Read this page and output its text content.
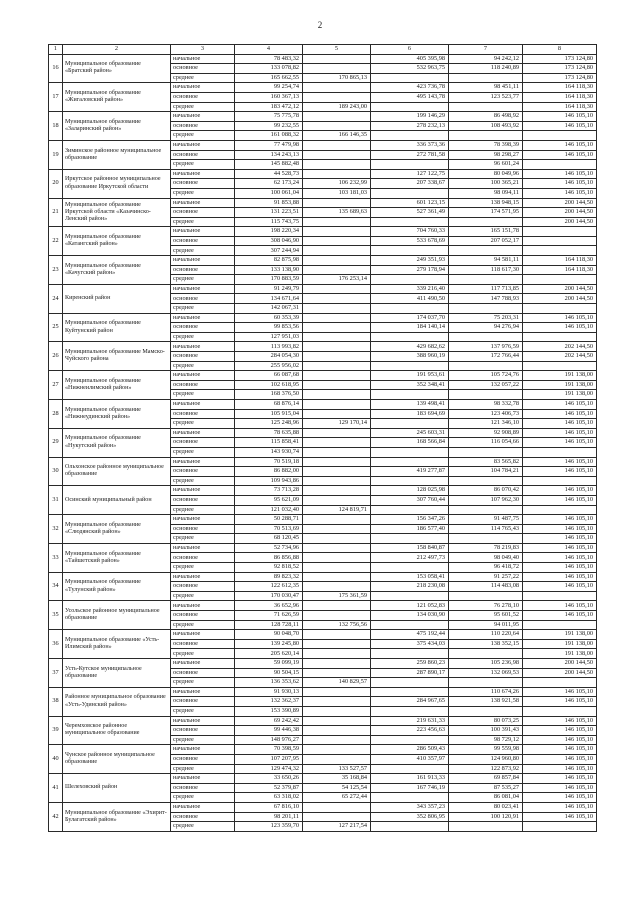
2
1	2	3	4	5	6	7	8
16	Муниципальное образование «Братский район»	начальное	78 483,32		405 395,98	94 242,12	173 124,80
		основное	133 078,82		532 963,75	118 240,89	173 124,80
		среднее	165 662,55	170 865,13			173 124,80
17	Муниципальное образование «Жигаловский район»	начальное	99 254,74		423 736,78	98 451,11	164 118,30
		основное	160 367,13		495 143,78	123 523,77	164 118,30
		среднее	183 472,12	189 243,00			164 118,30
18	Муниципальное образование «Заларинский район»	начальное	75 775,78		199 146,29	86 498,92	146 105,10
		основное	99 232,55		278 232,13	108 493,92	146 105,10
		среднее	161 088,32	166 146,35			
19	Зиминское районное муниципальное образование	начальное	77 479,98		336 373,36	78 398,39	146 105,10
		основное	134 243,13		272 781,58	98 298,27	146 105,10
		среднее	145 882,48			96 601,24	
20	Иркутское районное муниципальное образование Иркутской области	начальное	44 528,73		127 122,75	80 049,96	146 105,10
		основное	62 173,24	106 232,99	207 338,67	100 365,21	146 105,10
		среднее	100 061,04	103 181,03		98 094,11	146 105,10
21	Муниципальное образование Иркутской области «Казачинско-Ленский район»	начальное	91 853,88		601 123,15	138 948,15	200 144,50
		основное	131 223,51	135 689,63	527 361,49	174 571,95	200 144,50
		среднее	115 743,75				200 144,50
22	Муниципальное образование «Катангский район»	начальное	198 220,34		704 760,33	165 151,78	
		основное	308 046,90		533 678,69	207 052,17	
		среднее	307 244,94				
23	Муниципальное образование «Качугский район»	начальное	82 875,98		249 351,93	94 581,11	164 118,30
		основное	133 138,90		279 178,94	118 617,30	164 118,30
		среднее	170 883,59	176 253,14			
24	Киренский район	начальное	91 249,79		339 216,40	117 713,85	200 144,50
		основное	134 671,64		411 490,50	147 788,93	200 144,50
		среднее	142 067,31				
25	Муниципальное образование Куйтунский район	начальное	60 353,39		174 037,70	75 203,31	146 105,10
		основное	99 853,56		184 140,14	94 276,94	146 105,10
		среднее	127 951,03				
26	Муниципальное образование Мамско-Чуйского района	начальное	113 993,82		429 682,62	137 976,59	202 144,50
		основное	284 054,30		388 960,19	172 766,44	202 144,50
		среднее	255 956,02				
27	Муниципальное образование «Нижнеилимский район»	начальное	66 087,68		191 953,61	105 724,76	191 138,00
		основное	102 618,95		352 348,41	132 057,22	191 138,00
		среднее	168 376,50				191 138,00
28	Муниципальное образование «Нижнеудинский район»	начальное	68 876,14		139 498,41	98 332,78	146 105,10
		основное	105 915,04		183 694,69	123 406,73	146 105,10
		среднее	125 248,96	129 170,14		121 346,10	146 105,10
29	Муниципальное образование «Нукутский район»	начальное	78 635,88		245 603,31	92 908,89	146 105,10
		основное	115 858,41		168 566,84	116 054,66	146 105,10
		среднее	143 930,74				
30	Ольхонское районное муниципальное образование	начальное	70 519,18			83 565,82	146 105,10
		основное	86 882,00		419 277,87	104 784,21	146 105,10
		среднее	109 943,86				
31	Осинский муниципальный район	начальное	73 713,28		128 025,98	86 070,42	146 105,10
		основное	95 621,09		307 760,44	107 962,30	146 105,10
		среднее	121 032,40	124 819,71			
32	Муниципальное образование «Слюдянский район»	начальное	50 288,71		156 347,26	91 487,75	146 105,10
		основное	70 513,69		186 577,40	114 765,43	146 105,10
		среднее	68 120,45				146 105,10
33	Муниципальное образование «Тайшетский район»	начальное	52 734,96		158 840,87	78 219,83	146 105,10
		основное	86 856,88		212 497,73	98 049,40	146 105,10
		среднее	92 818,52			96 418,72	146 105,10
34	Муниципальное образование «Тулунский район»	начальное	89 823,32		153 058,41	91 257,22	146 105,10
		основное	122 612,35		218 230,08	114 483,08	146 105,10
		среднее	170 030,47	175 361,59			
35	Усольское районное муниципальное образование	начальное	36 652,96		121 052,83	76 278,10	146 105,10
		основное	71 626,59		134 030,90	95 601,52	146 105,10
		среднее	128 728,11	132 756,56		94 011,95	
36	Муниципальное образование «Усть-Илимский район»	начальное	90 048,70		475 192,44	110 220,64	191 138,00
		основное	139 245,80		375 434,03	138 352,15	191 138,00
		среднее	205 620,14				191 138,00
37	Усть-Кутское муниципальное образование	начальное	59 099,19		259 860,23	105 236,98	200 144,50
		основное	90 504,15		287 890,17	132 069,53	200 144,50
		среднее	136 353,62	140 829,57			
38	Районное муниципальное образование «Усть-Удинский район»	начальное	91 930,13			110 674,26	146 105,10
		основное	132 362,37		284 967,65	138 921,58	146 105,10
		среднее	153 390,89				
39	Черемховское районное муниципальное образование	начальное	69 242,42		219 631,33	80 073,25	146 105,10
		основное	99 446,38		223 456,63	100 391,43	146 105,10
		среднее	148 976,27			98 729,12	146 105,10
40	Чунское районное муниципальное образование	начальное	70 398,59		286 509,43	99 559,98	146 105,10
		основное	107 207,95		410 357,97	124 960,80	146 105,10
		среднее	129 474,32	133 527,57		122 873,92	146 105,10
41	Шелеховский район	начальное	33 650,26	35 168,84	161 913,33	69 857,84	146 105,10
		основное	52 379,87	54 125,54	167 746,19	87 535,27	146 105,10
		среднее	63 318,02	65 272,44		86 081,04	146 105,10
42	Муниципальное образование «Эхирит-Булагатский район»	начальное	67 816,10		343 357,23	80 023,41	146 105,10
		основное	98 201,11		352 806,95	100 120,91	146 105,10
		среднее	123 359,70	127 217,54			
